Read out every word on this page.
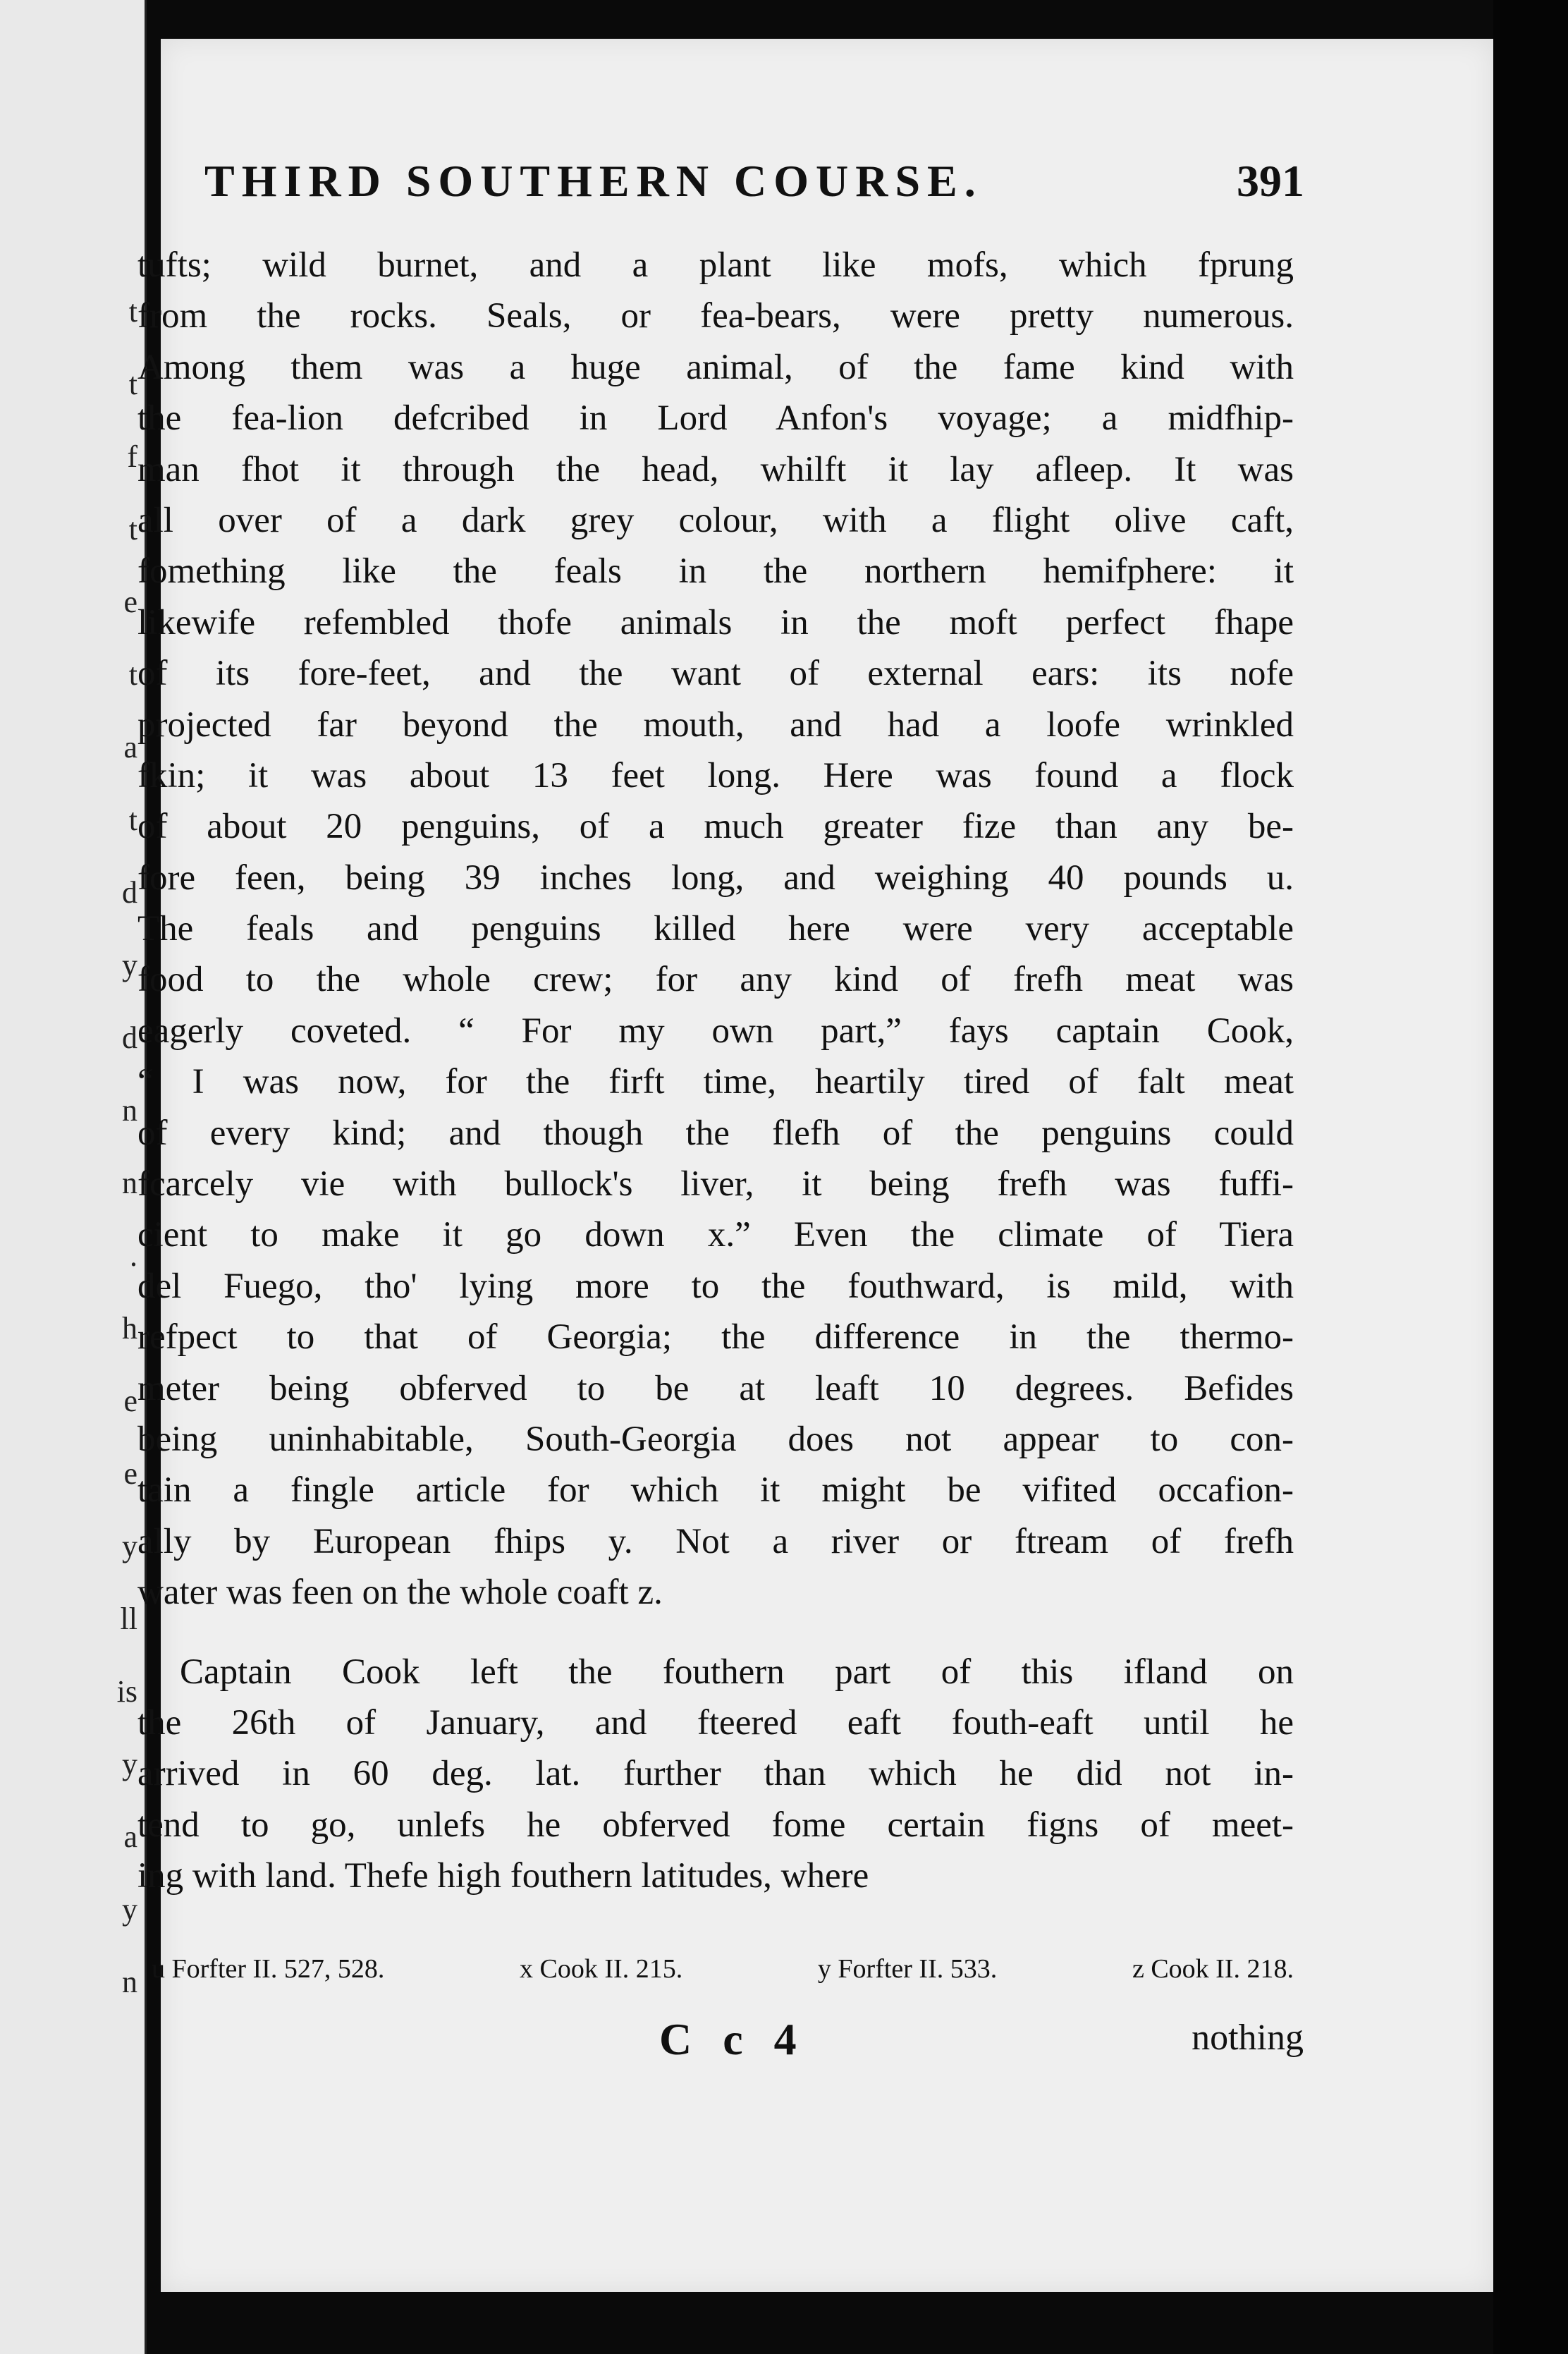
t
t
f
t
e
t
a
t
d
y
d
n
n
.
h
e
e
y
ll
is
y
a
y
n
THIRD SOUTHERN COURSE.	391
tufts; wild burnet, and a plant like mofs, which fprung
from the rocks. Seals, or fea-bears, were pretty numerous.
Among them was a huge animal, of the fame kind with
the fea-lion defcribed in Lord Anfon's voyage; a midfhip-
man fhot it through the head, whilft it lay afleep. It was
all over of a dark grey colour, with a flight olive caft,
fomething like the feals in the northern hemifphere: it
likewife refembled thofe animals in the moft perfect fhape
of its fore-feet, and the want of external ears: its nofe
projected far beyond the mouth, and had a loofe wrinkled
fkin; it was about 13 feet long. Here was found a flock
of about 20 penguins, of a much greater fize than any be-
fore feen, being 39 inches long, and weighing 40 pounds u.
The feals and penguins killed here were very acceptable
food to the whole crew; for any kind of frefh meat was
eagerly coveted. “ For my own part,” fays captain Cook,
“ I was now, for the firft time, heartily tired of falt meat
of every kind; and though the flefh of the penguins could
fcarcely vie with bullock's liver, it being frefh was fuffi-
cient to make it go down x.” Even the climate of Tiera
del Fuego, tho' lying more to the fouthward, is mild, with
refpect to that of Georgia; the difference in the thermo-
meter being obferved to be at leaft 10 degrees. Befides
being uninhabitable, South-Georgia does not appear to con-
tain a fingle article for which it might be vifited occafion-
ally by European fhips y. Not a river or ftream of frefh
water was feen on the whole coaft z.
Captain Cook left the fouthern part of this ifland on
the 26th of January, and fteered eaft fouth-eaft until he
arrived in 60 deg. lat. further than which he did not in-
tend to go, unlefs he obferved fome certain figns of meet-
ing with land. Thefe high fouthern latitudes, where
u Forfter II. 527, 528.	x Cook II. 215.	y Forfter II. 533.	z Cook II. 218.
C c 4	nothing
